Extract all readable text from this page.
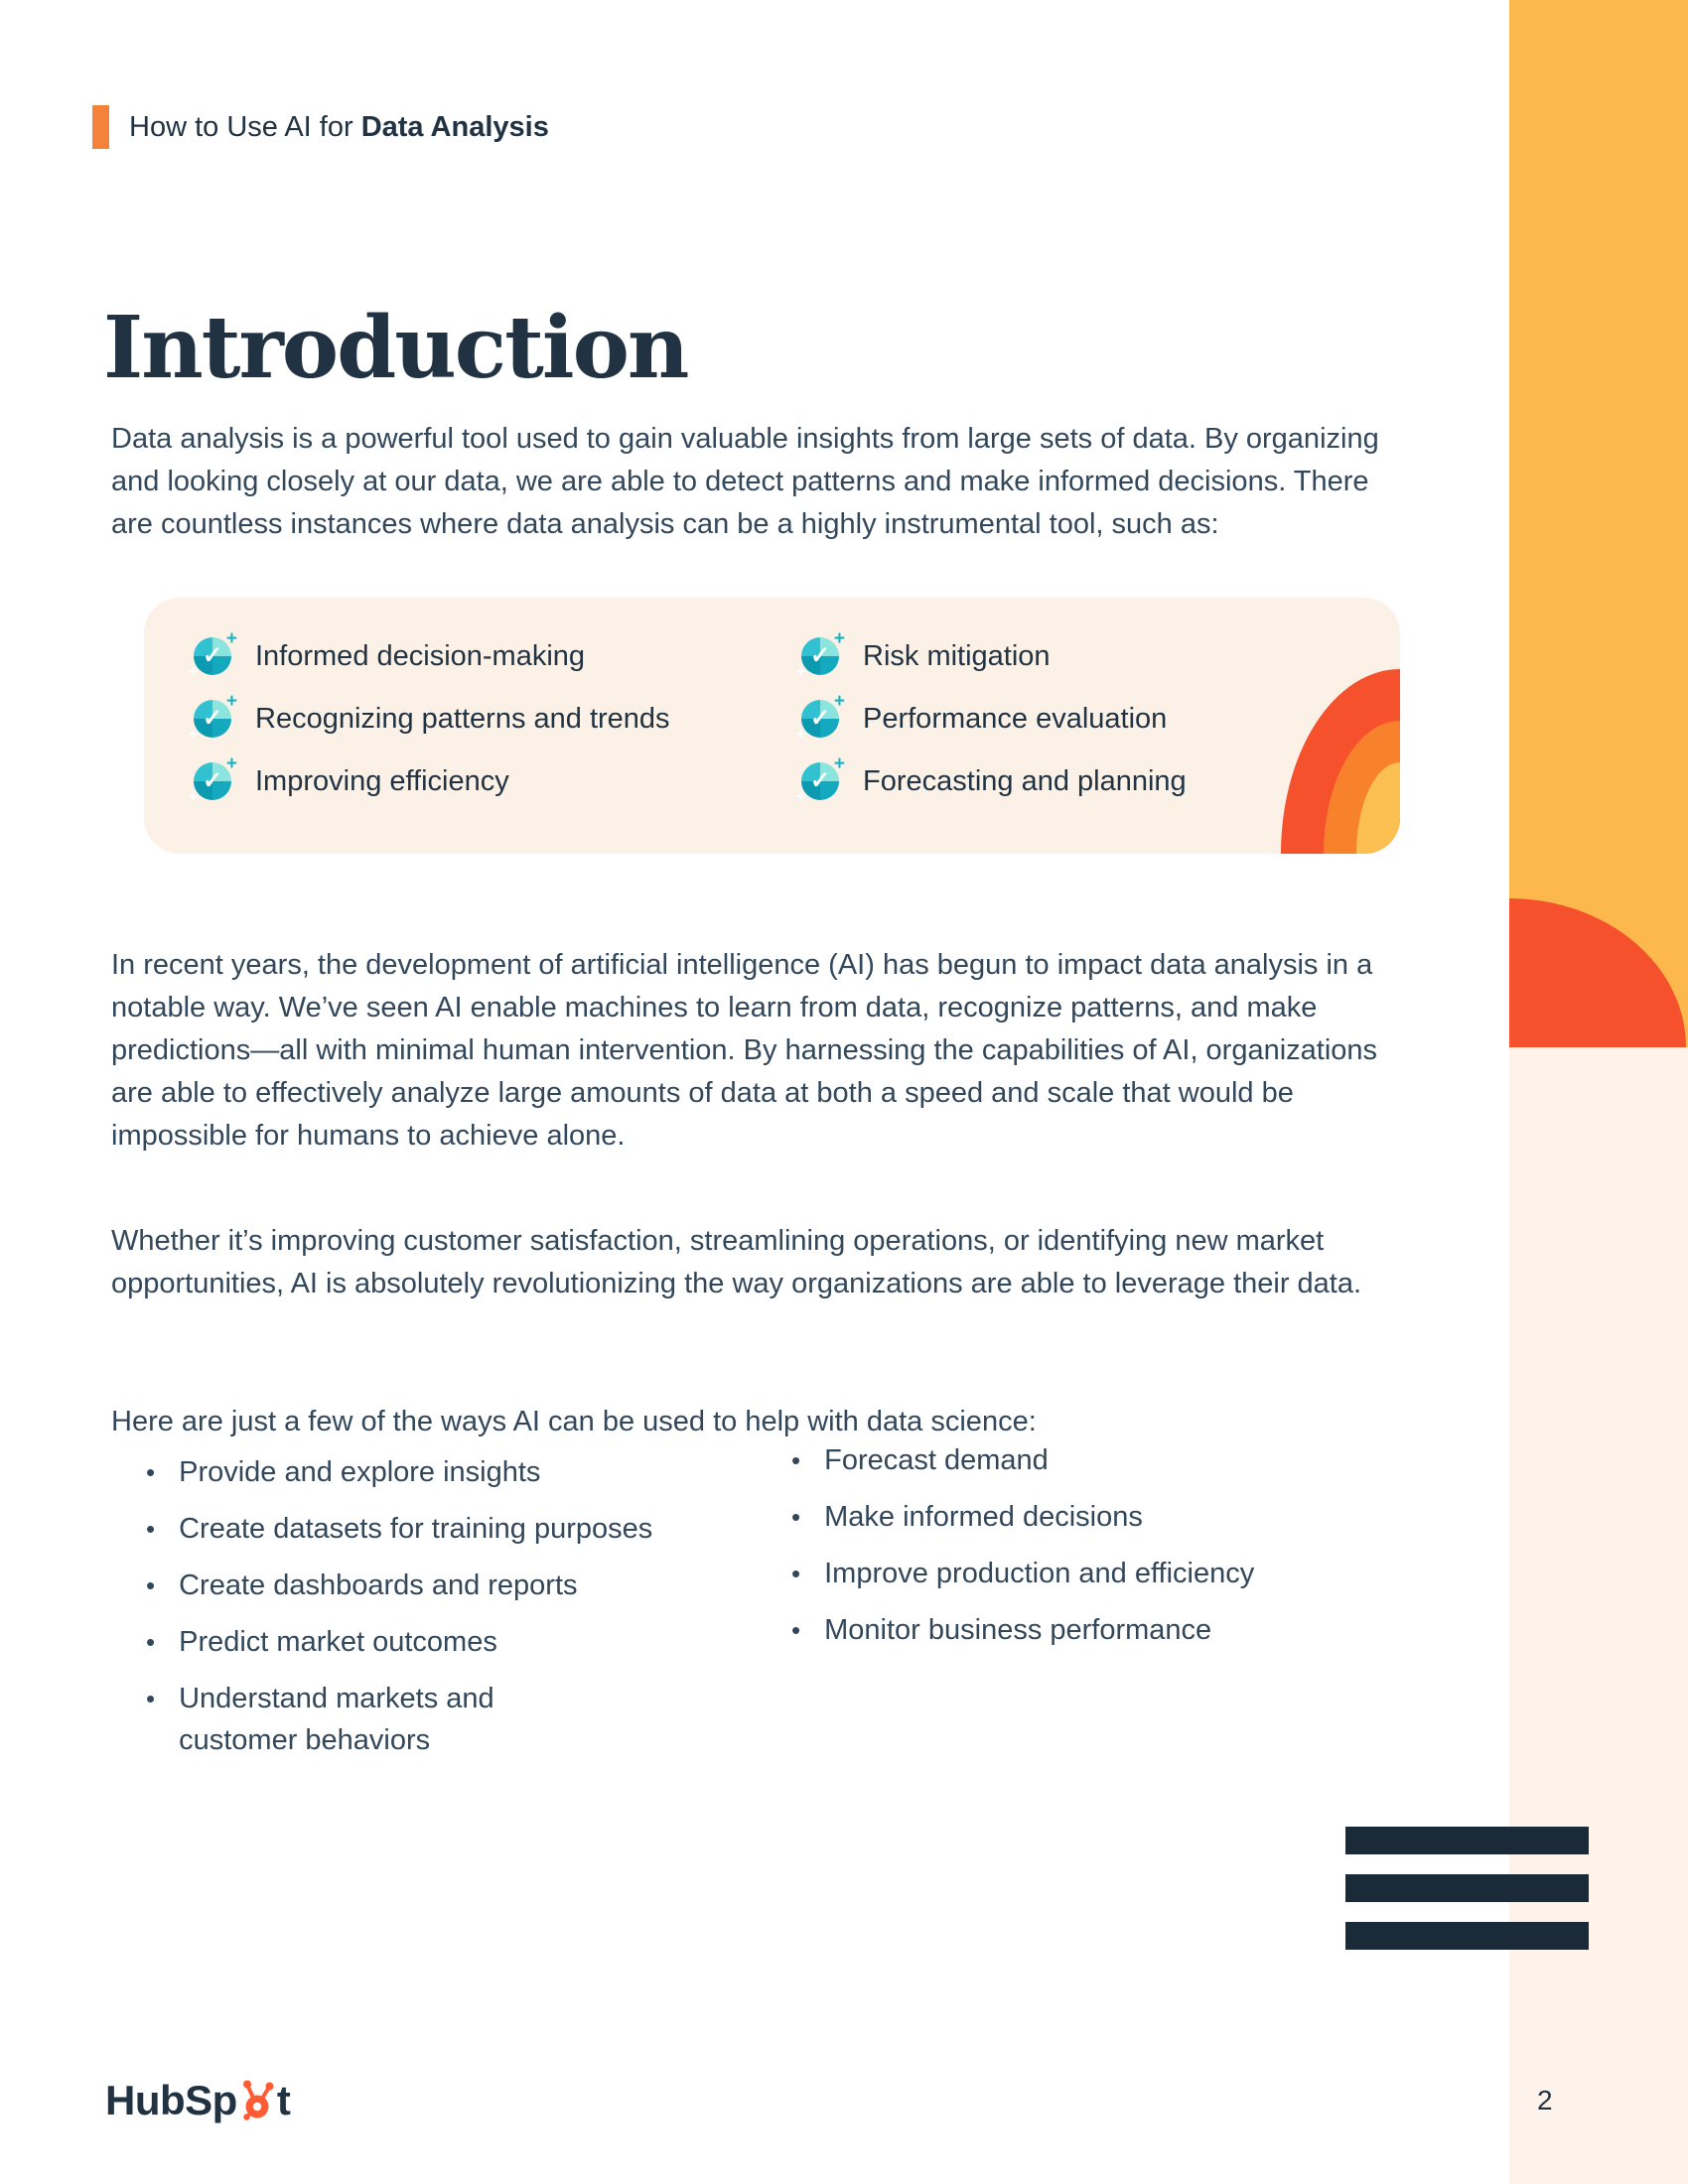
How to Use AI for Data Analysis
Introduction

Data analysis is a powerful tool used to gain valuable insights from large sets of data. By organizing and looking closely at our data, we are able to detect patterns and make informed decisions. There are countless instances where data analysis can be a highly instrumental tool, such as:

✓
+
+ Informed decision-making
✓
+
+ Recognizing patterns and trends
✓
+
+ Improving efficiency
✓
+
+ Risk mitigation
✓
+
+ Performance evaluation
✓
+
+ Forecasting and planning

In recent years, the development of artificial intelligence (AI) has begun to impact data analysis in a notable way. We’ve seen AI enable machines to learn from data, recognize patterns, and make predictions—all with minimal human intervention. By harnessing the capabilities of AI, organizations are able to effectively analyze large amounts of data at both a speed and scale that would be impossible for humans to achieve alone.

Whether it’s improving customer satisfaction, streamlining operations, or identifying new market opportunities, AI is absolutely revolutionizing the way organizations are able to leverage their data.

Here are just a few of the ways AI can be used to help with data science:

• Provide and explore insights
• Create datasets for training purposes
• Create dashboards and reports
• Predict market outcomes
• Understand markets and customer behaviors
• Forecast demand
• Make informed decisions
• Improve production and efficiency
• Monitor business performance
HubSp t	2
